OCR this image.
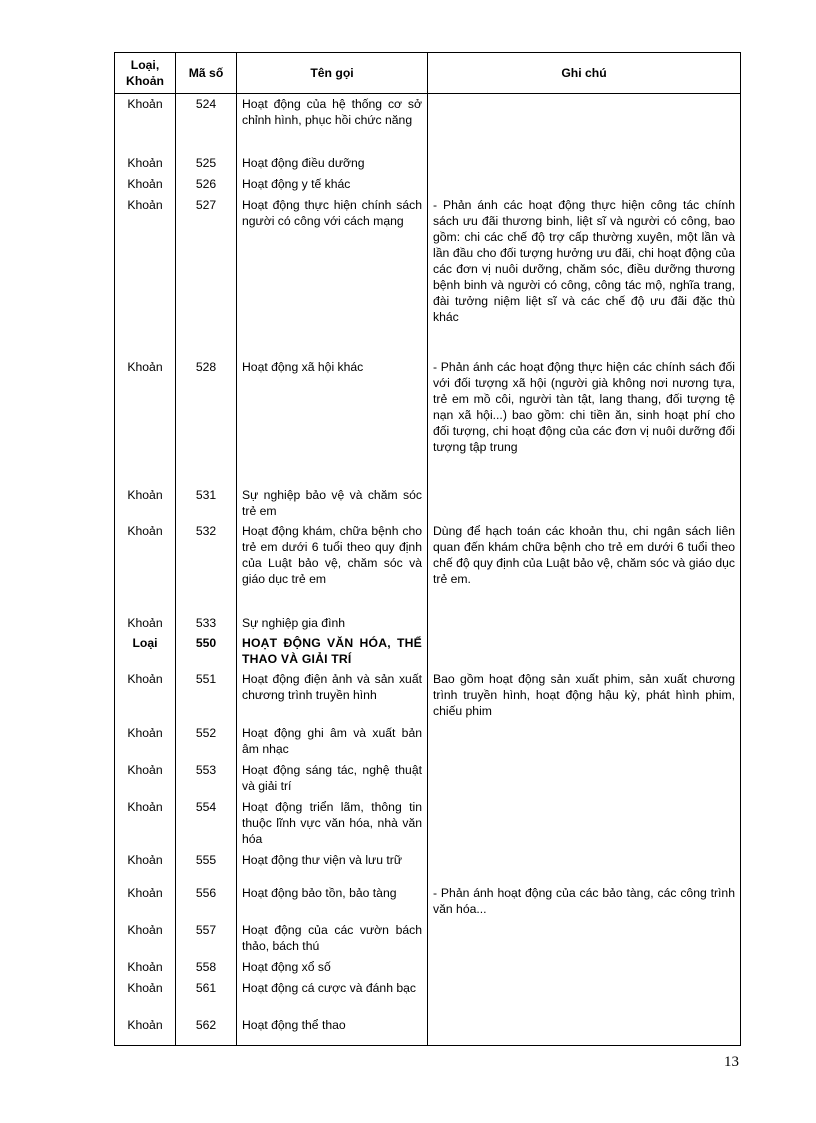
Loại, Khoản	Mã số	Tên gọi	Ghi chú
Khoản	524	Hoạt động của hệ thống cơ sở chỉnh hình, phục hồi chức năng	
Khoản	525	Hoạt động điều dưỡng	
Khoản	526	Hoạt động y tế khác	
Khoản	527	Hoạt động thực hiện chính sách người có công với cách mạng	- Phản ánh các hoạt động thực hiện công tác chính sách ưu đãi thương binh, liệt sĩ và người có công, bao gồm: chi các chế độ trợ cấp thường xuyên, một lần và lần đầu cho đối tượng hưởng ưu đãi, chi hoạt động của các đơn vị nuôi dưỡng, chăm sóc, điều dưỡng thương bệnh binh và người có công, công tác mộ, nghĩa trang, đài tưởng niệm liệt sĩ và các chế độ ưu đãi đặc thù khác
Khoản	528	Hoạt động xã hội khác	- Phản ánh các hoạt động thực hiện các chính sách đối với đối tượng xã hội (người già không nơi nương tựa, trẻ em mồ côi, người tàn tật, lang thang, đối tượng tệ nạn xã hội...) bao gồm: chi tiền ăn, sinh hoạt phí cho đối tượng, chi hoạt động của các đơn vị nuôi dưỡng đối tượng tập trung
Khoản	531	Sự nghiệp bảo vệ và chăm sóc trẻ em	
Khoản	532	Hoạt động khám, chữa bệnh cho trẻ em dưới 6 tuổi theo quy định của Luật bảo vệ, chăm sóc và giáo dục trẻ em	Dùng để hạch toán các khoản thu, chi ngân sách liên quan đến khám chữa bệnh cho trẻ em dưới 6 tuổi theo chế độ quy định của Luật bảo vệ, chăm sóc và giáo dục trẻ em.
Khoản	533	Sự nghiệp gia đình	
Loại	550	HOẠT ĐỘNG VĂN HÓA, THỂ THAO VÀ GIẢI TRÍ	
Khoản	551	Hoạt động điện ảnh và sản xuất chương trình truyền hình	Bao gồm hoạt động sản xuất phim, sản xuất chương trình truyền hình, hoạt động hậu kỳ, phát hình phim, chiếu phim
Khoản	552	Hoạt động ghi âm và xuất bản âm nhạc	
Khoản	553	Hoạt động sáng tác, nghệ thuật và giải trí	
Khoản	554	Hoạt động triển lãm, thông tin thuộc lĩnh vực văn hóa, nhà văn hóa	
Khoản	555	Hoạt động thư viện và lưu trữ	
Khoản	556	Hoạt động bảo tồn, bảo tàng	- Phản ánh hoạt động của các bảo tàng, các công trình văn hóa...
Khoản	557	Hoạt động của các vườn bách thảo, bách thú	
Khoản	558	Hoạt động xổ số	
Khoản	561	Hoạt động cá cược và đánh bạc	
Khoản	562	Hoạt động thể thao	
13
